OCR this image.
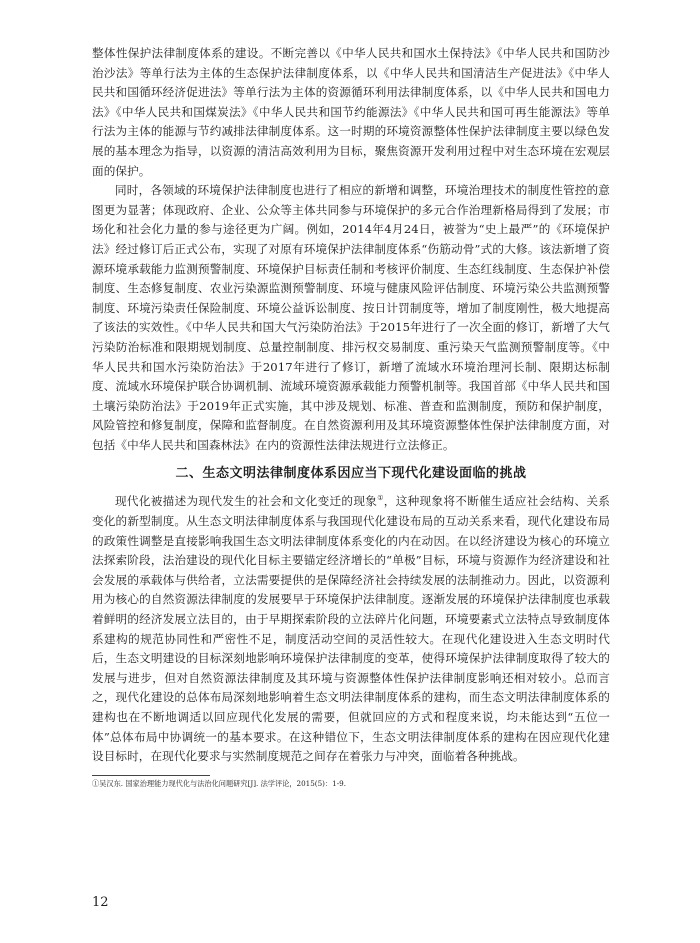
整体性保护法律制度体系的建设。不断完善以《中华人民共和国水土保持法》《中华人民共和国防沙治沙法》等单行法为主体的生态保护法律制度体系，以《中华人民共和国清洁生产促进法》《中华人民共和国循环经济促进法》等单行法为主体的资源循环利用法律制度体系，以《中华人民共和国电力法》《中华人民共和国煤炭法》《中华人民共和国节约能源法》《中华人民共和国可再生能源法》等单行法为主体的能源与节约减排法律制度体系。这一时期的环境资源整体性保护法律制度主要以绿色发展的基本理念为指导，以资源的清洁高效利用为目标，聚焦资源开发利用过程中对生态环境在宏观层面的保护。

同时，各领域的环境保护法律制度也进行了相应的新增和调整，环境治理技术的制度性管控的意图更为显著；体现政府、企业、公众等主体共同参与环境保护的多元合作治理新格局得到了发展；市场化和社会化力量的参与途径更为广阔。例如，2014年4月24日，被誉为“史上最严”的《环境保护法》经过修订后正式公布，实现了对原有环境保护法律制度体系“伤筋动骨”式的大修。该法新增了资源环境承载能力监测预警制度、环境保护目标责任制和考核评价制度、生态红线制度、生态保护补偿制度、生态修复制度、农业污染源监测预警制度、环境与健康风险评估制度、环境污染公共监测预警制度、环境污染责任保险制度、环境公益诉讼制度、按日计罚制度等，增加了制度刚性，极大地提高了该法的实效性。《中华人民共和国大气污染防治法》于2015年进行了一次全面的修订，新增了大气污染防治标准和限期规划制度、总量控制制度、排污权交易制度、重污染天气监测预警制度等。《中华人民共和国水污染防治法》于2017年进行了修订，新增了流域水环境治理河长制、限期达标制度、流域水环境保护联合协调机制、流域环境资源承载能力预警机制等。我国首部《中华人民共和国土壤污染防治法》于2019年正式实施，其中涉及规划、标准、普查和监测制度，预防和保护制度，风险管控和修复制度，保障和监督制度。在自然资源利用及其环境资源整体性保护法律制度方面，对包括《中华人民共和国森林法》在内的资源性法律法规进行立法修正。

二、生态文明法律制度体系因应当下现代化建设面临的挑战

现代化被描述为现代发生的社会和文化变迁的现象①，这种现象将不断催生适应社会结构、关系变化的新型制度。从生态文明法律制度体系与我国现代化建设布局的互动关系来看，现代化建设布局的政策性调整是直接影响我国生态文明法律制度体系变化的内在动因。在以经济建设为核心的环境立法探索阶段，法治建设的现代化目标主要锚定经济增长的“单极”目标，环境与资源作为经济建设和社会发展的承载体与供给者，立法需要提供的是保障经济社会持续发展的法制推动力。因此，以资源利用为核心的自然资源法律制度的发展要早于环境保护法律制度。逐渐发展的环境保护法律制度也承载着鲜明的经济发展立法目的，由于早期探索阶段的立法碎片化问题，环境要素式立法特点导致制度体系建构的规范协同性和严密性不足，制度活动空间的灵活性较大。在现代化建设进入生态文明时代后，生态文明建设的目标深刻地影响环境保护法律制度的变革，使得环境保护法律制度取得了较大的发展与进步，但对自然资源法律制度及其环境与资源整体性保护法律制度影响还相对较小。总而言之，现代化建设的总体布局深刻地影响着生态文明法律制度体系的建构，而生态文明法律制度体系的建构也在不断地调适以回应现代化发展的需要，但就回应的方式和程度来说，均未能达到“五位一体”总体布局中协调统一的基本要求。在这种错位下，生态文明法律制度体系的建构在因应现代化建设目标时，在现代化要求与实然制度规范之间存在着张力与冲突，面临着各种挑战。

①吴汉东. 国家治理能力现代化与法治化问题研究[J]. 法学评论，2015(5)：1-9.
12
